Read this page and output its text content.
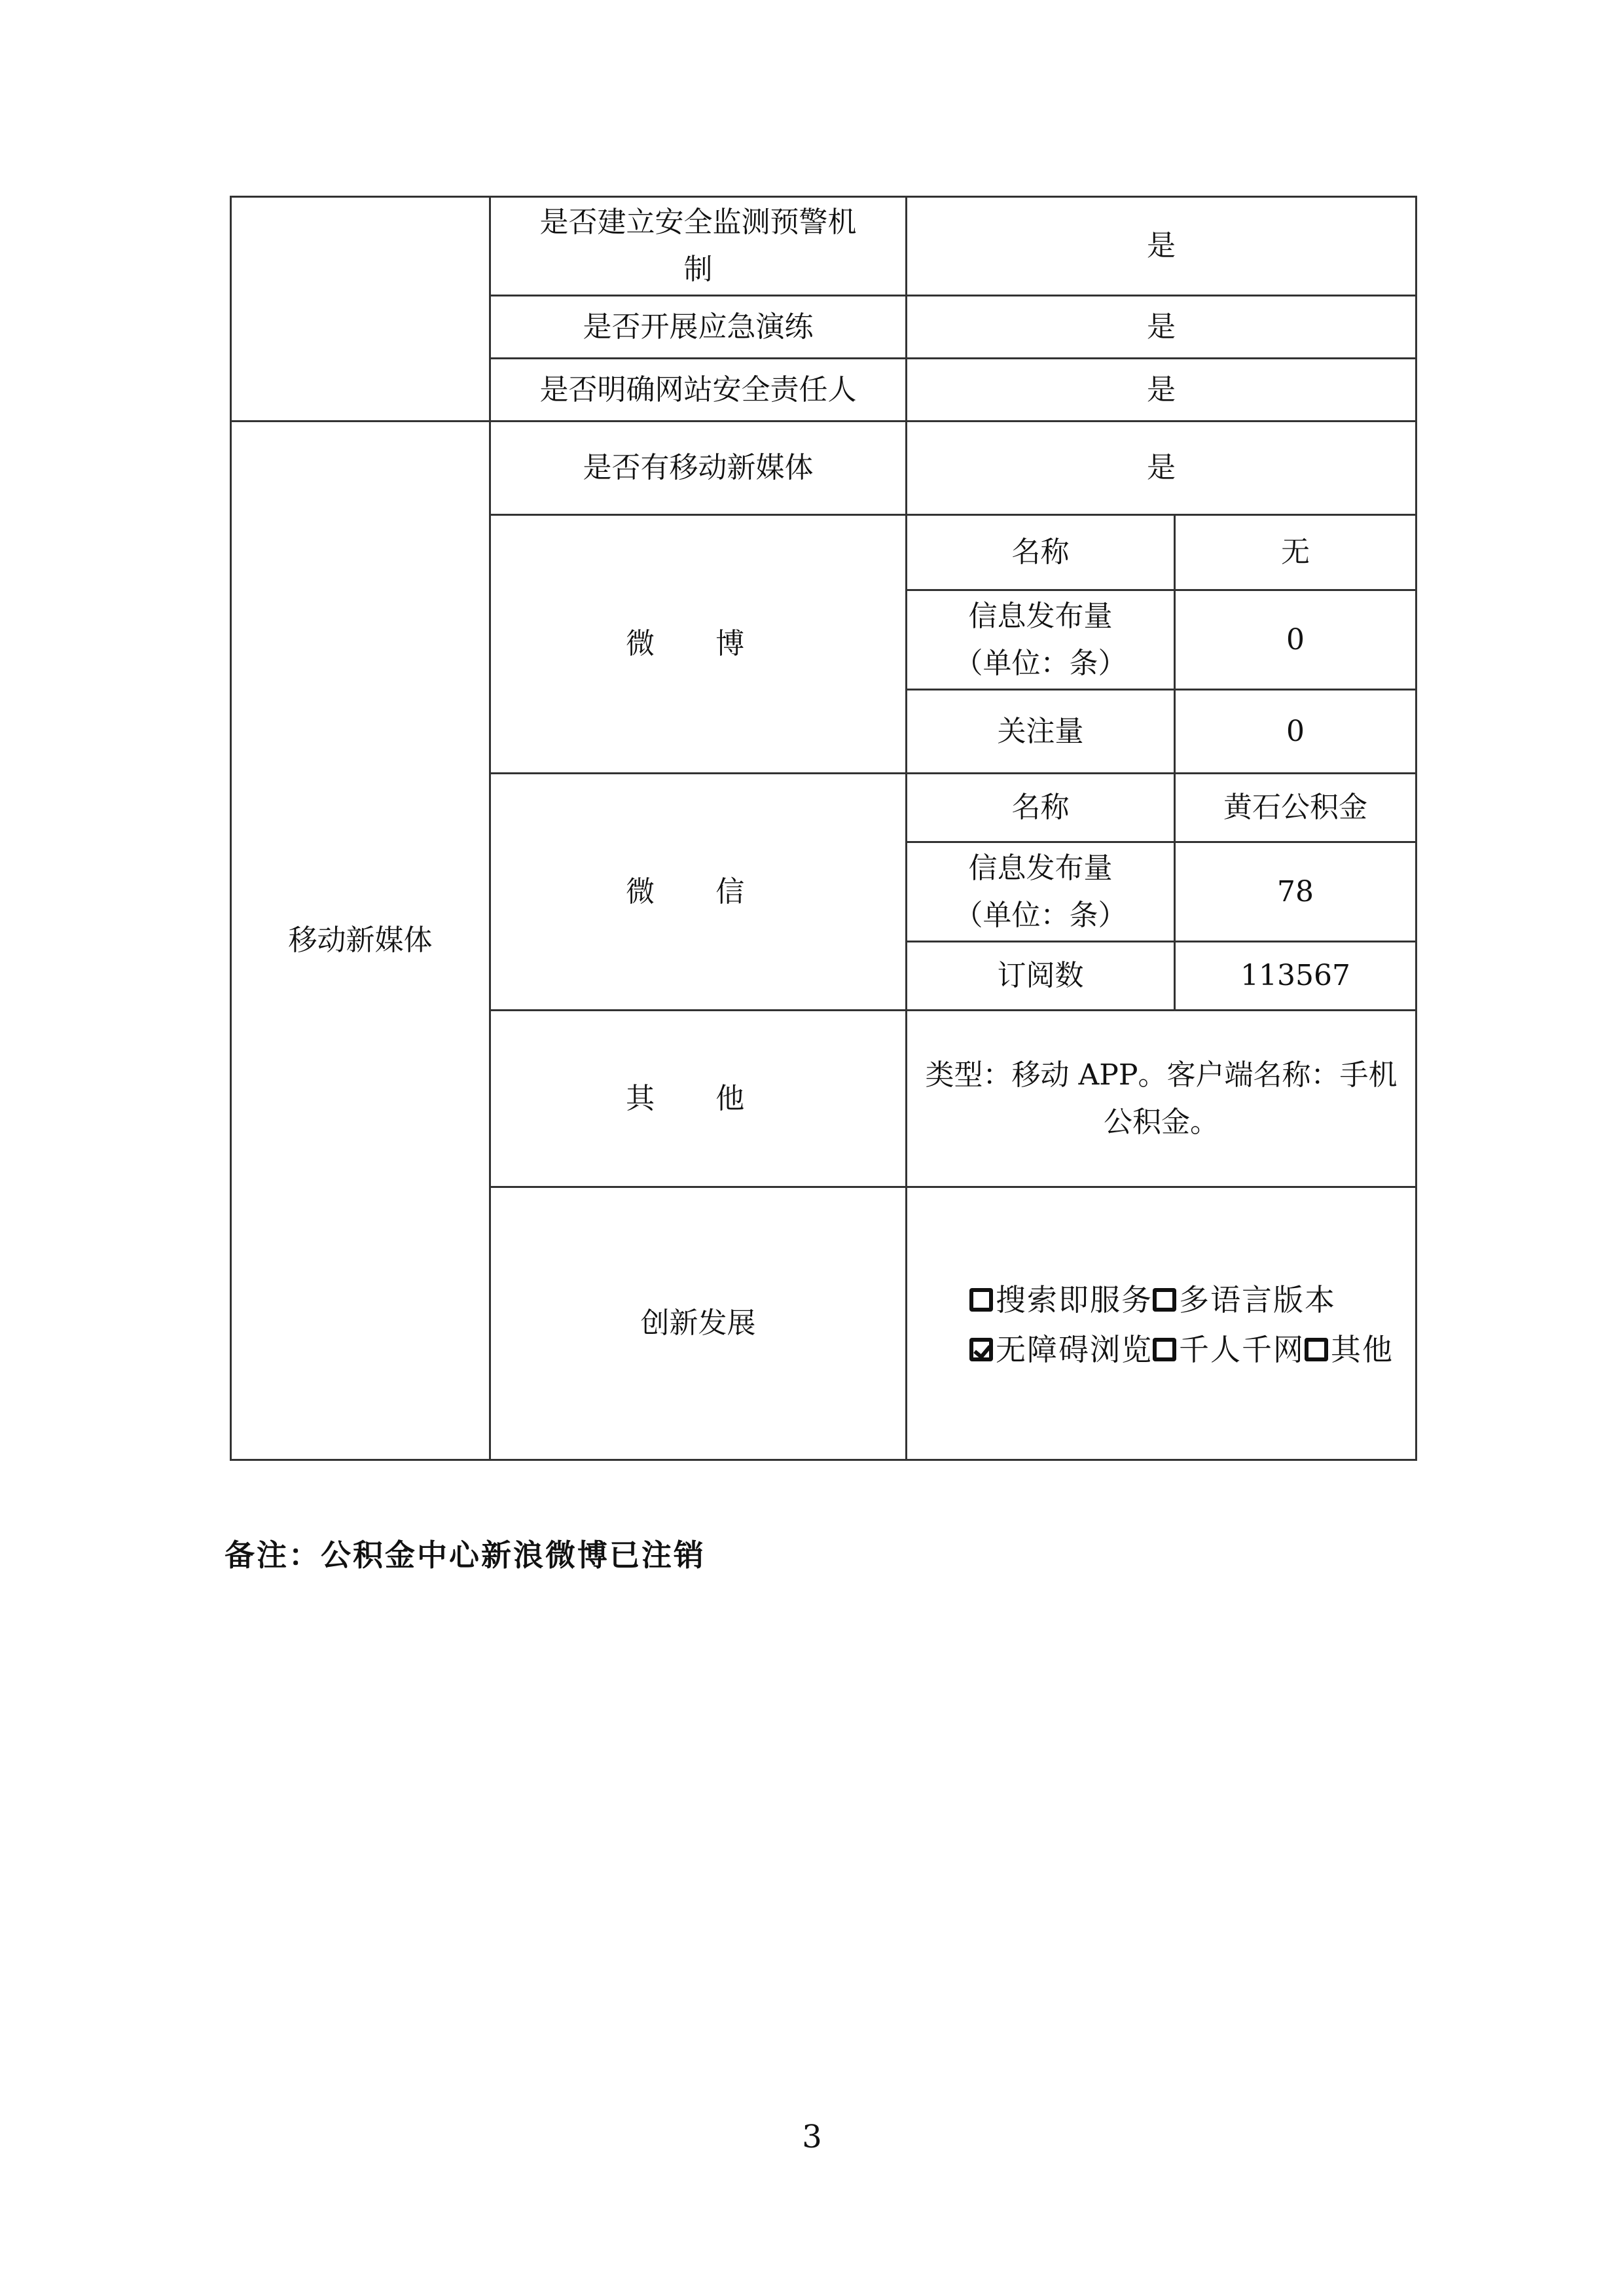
	是否建立安全监测预警机制	是	
	是否开展应急演练	是	
	是否明确网站安全责任人	是	
移动新媒体	是否有移动新媒体	是	
	微 博	名称	无
		信息发布量（单位：条）	0
		关注量	0
	微 信	名称	黄石公积金
		信息发布量（单位：条）	78
		订阅数	113567
	其 他	类型：移动 APP。客户端名称：手机公积金。	
	创新发展	搜索即服务 多语言版本
无障碍浏览 千人千网 其他	
备注：公积金中心新浪微博已注销
3
